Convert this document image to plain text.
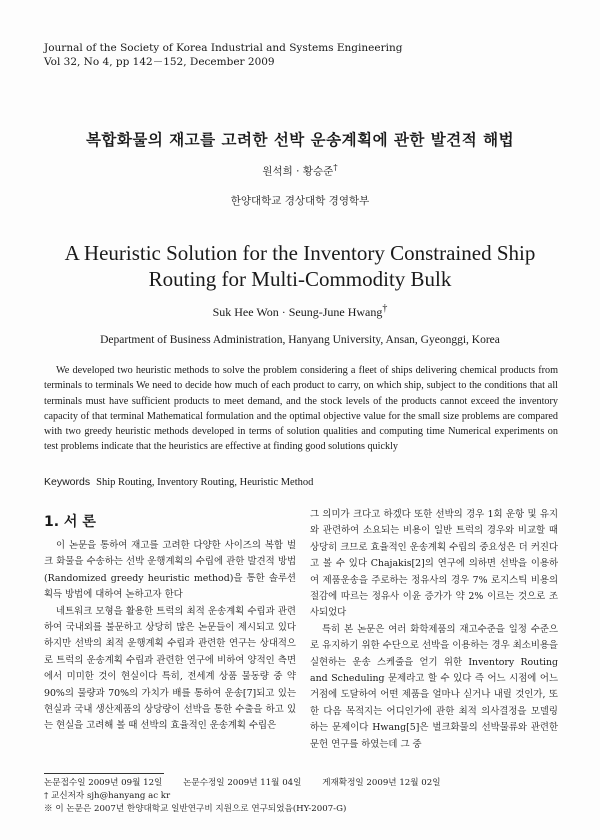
Journal of the Society of Korea Industrial and Systems Engineering
Vol 32, No 4, pp 142－152, December 2009
복합화물의 재고를 고려한 선박 운송계획에 관한 발견적 해법
원석희 · 황승준†
한양대학교 경상대학 경영학부
A Heuristic Solution for the Inventory Constrained Ship
Routing for Multi-Commodity Bulk
Suk Hee Won · Seung-June Hwang†
Department of Business Administration, Hanyang University, Ansan, Gyeonggi, Korea

We developed two heuristic methods to solve the problem considering a fleet of ships delivering chemical products from terminals to terminals We need to decide how much of each product to carry, on which ship, subject to the conditions that all terminals must have sufficient products to meet demand, and the stock levels of the products cannot exceed the inventory capacity of that terminal Mathematical formulation and the optimal objective value for the small size problems are compared with two greedy heuristic methods developed in terms of solution qualities and computing time Numerical experiments on test problems indicate that the heuristics are effective at finding good solutions quickly

Keywords Ship Routing, Inventory Routing, Heuristic Method
1. 서 론

이 논문을 통하여 재고를 고려한 다양한 사이즈의 복합 벌크 화물을 수송하는 선박 운행계획의 수립에 관한 발견적 방법(Randomized greedy heuristic method)을 통한 솔루션 획득 방법에 대하여 논하고자 한다

네트워크 모형을 활용한 트럭의 최적 운송계획 수립과 관련하여 국내외를 불문하고 상당히 많은 논문들이 제시되고 있다 하지만 선박의 최적 운행계획 수립과 관련한 연구는 상대적으로 트럭의 운송계획 수립과 관련한 연구에 비하여 양적인 측면에서 미미한 것이 현실이다 특히, 전세계 상품 물동량 중 약 90%의 물량과 70%의 가치가 배를 통하여 운송[7]되고 있는 현실과 국내 생산제품의 상당량이 선박을 통한 수출을 하고 있는 현실을 고려해 볼 때 선박의 효율적인 운송계획 수립은

그 의미가 크다고 하겠다 또한 선박의 경우 1회 운항 및 유지와 관련하여 소요되는 비용이 일반 트럭의 경우와 비교할 때 상당히 크므로 효율적인 운송계획 수립의 중요성은 더 커진다고 볼 수 있다 Chajakis[2]의 연구에 의하면 선박을 이용하여 제품운송을 주로하는 정유사의 경우 7% 로지스틱 비용의 절감에 따르는 정유사 이윤 증가가 약 2% 이르는 것으로 조사되었다

특히 본 논문은 여러 화학제품의 재고수준을 일정 수준으로 유지하기 위한 수단으로 선박을 이용하는 경우 최소비용을 실현하는 운송 스케줄을 얻기 위한 Inventory Routing and Scheduling 문제라고 할 수 있다 즉 어느 시점에 어느 거점에 도달하여 어떤 제품을 얼마나 싣거나 내릴 것인가, 또한 다음 목적지는 어디인가에 관한 최적 의사결정을 모델링 하는 문제이다 Hwang[5]은 벌크화물의 선박물류와 관련한 문헌 연구를 하였는데 그 중

논문접수일 2009년 09월 12일 논문수정일 2009년 11월 04일 게재확정일 2009년 12월 02일
† 교신저자 sjh@hanyang ac kr
※ 이 논문은 2007년 한양대학교 일반연구비 지원으로 연구되었음(HY-2007-G)
